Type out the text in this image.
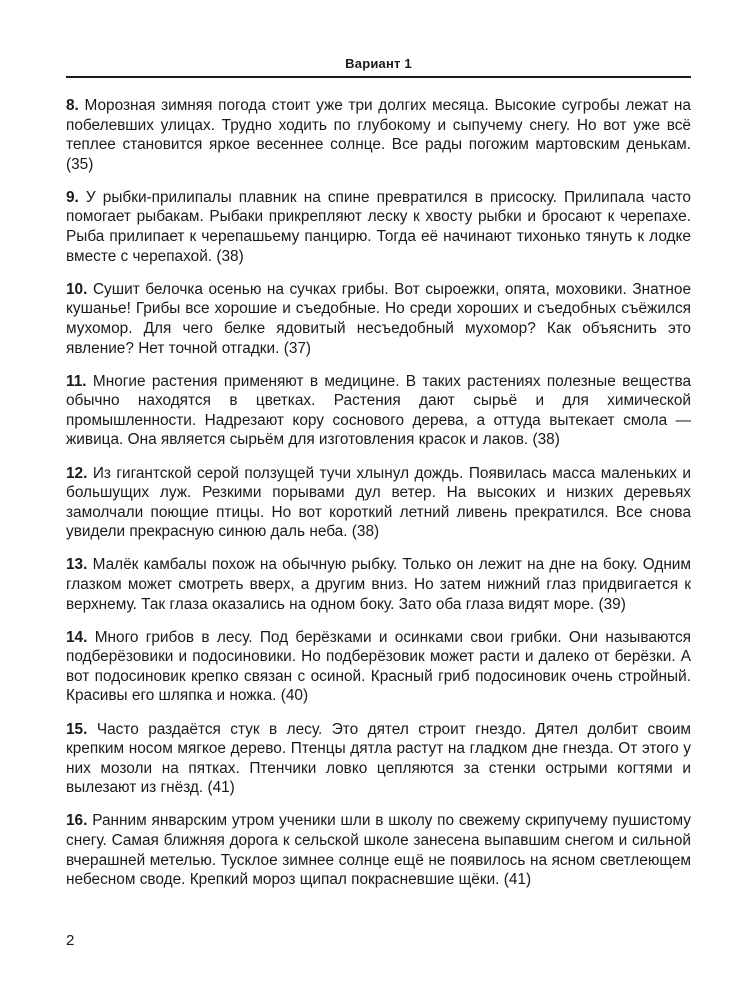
Вариант 1

8. Морозная зимняя погода стоит уже три долгих месяца. Высокие сугробы лежат на побелевших улицах. Трудно ходить по глубокому и сыпучему снегу. Но вот уже всё теплее становится яркое весеннее солнце. Все рады погожим мартовским денькам. (35)

9. У рыбки-прилипалы плавник на спине превратился в присоску. Прилипала часто помогает рыбакам. Рыбаки прикрепляют леску к хвосту рыбки и бросают к черепахе. Рыба прилипает к черепашьему панцирю. Тогда её начинают тихонько тянуть к лодке вместе с черепахой. (38)

10. Сушит белочка осенью на сучках грибы. Вот сыроежки, опята, моховики. Знатное кушанье! Грибы все хорошие и съедобные. Но среди хороших и съедобных съёжился мухомор. Для чего белке ядовитый несъедобный мухомор? Как объяснить это явление? Нет точной отгадки. (37)

11. Многие растения применяют в медицине. В таких растениях полезные вещества обычно находятся в цветках. Растения дают сырьё и для химической промышленности. Надрезают кору соснового дерева, а оттуда вытекает смола — живица. Она является сырьём для изготовления красок и лаков. (38)

12. Из гигантской серой ползущей тучи хлынул дождь. Появилась масса маленьких и большущих луж. Резкими порывами дул ветер. На высоких и низких деревьях замолчали поющие птицы. Но вот короткий летний ливень прекратился. Все снова увидели прекрасную синюю даль неба. (38)

13. Малёк камбалы похож на обычную рыбку. Только он лежит на дне на боку. Одним глазком может смотреть вверх, а другим вниз. Но затем нижний глаз придвигается к верхнему. Так глаза оказались на одном боку. Зато оба глаза видят море. (39)

14. Много грибов в лесу. Под берёзками и осинками свои грибки. Они называются подберёзовики и подосиновики. Но подберёзовик может расти и далеко от берёзки. А вот подосиновик крепко связан с осиной. Красный гриб подосиновик очень стройный. Красивы его шляпка и ножка. (40)

15. Часто раздаётся стук в лесу. Это дятел строит гнездо. Дятел долбит своим крепким носом мягкое дерево. Птенцы дятла растут на гладком дне гнезда. От этого у них мозоли на пятках. Птенчики ловко цепляются за стенки острыми когтями и вылезают из гнёзд. (41)

16. Ранним январским утром ученики шли в школу по свежему скрипучему пушистому снегу. Самая ближняя дорога к сельской школе занесена выпавшим снегом и сильной вчерашней метелью. Тусклое зимнее солнце ещё не появилось на ясном светлеющем небесном своде. Крепкий мороз щипал покрасневшие щёки. (41)

2
